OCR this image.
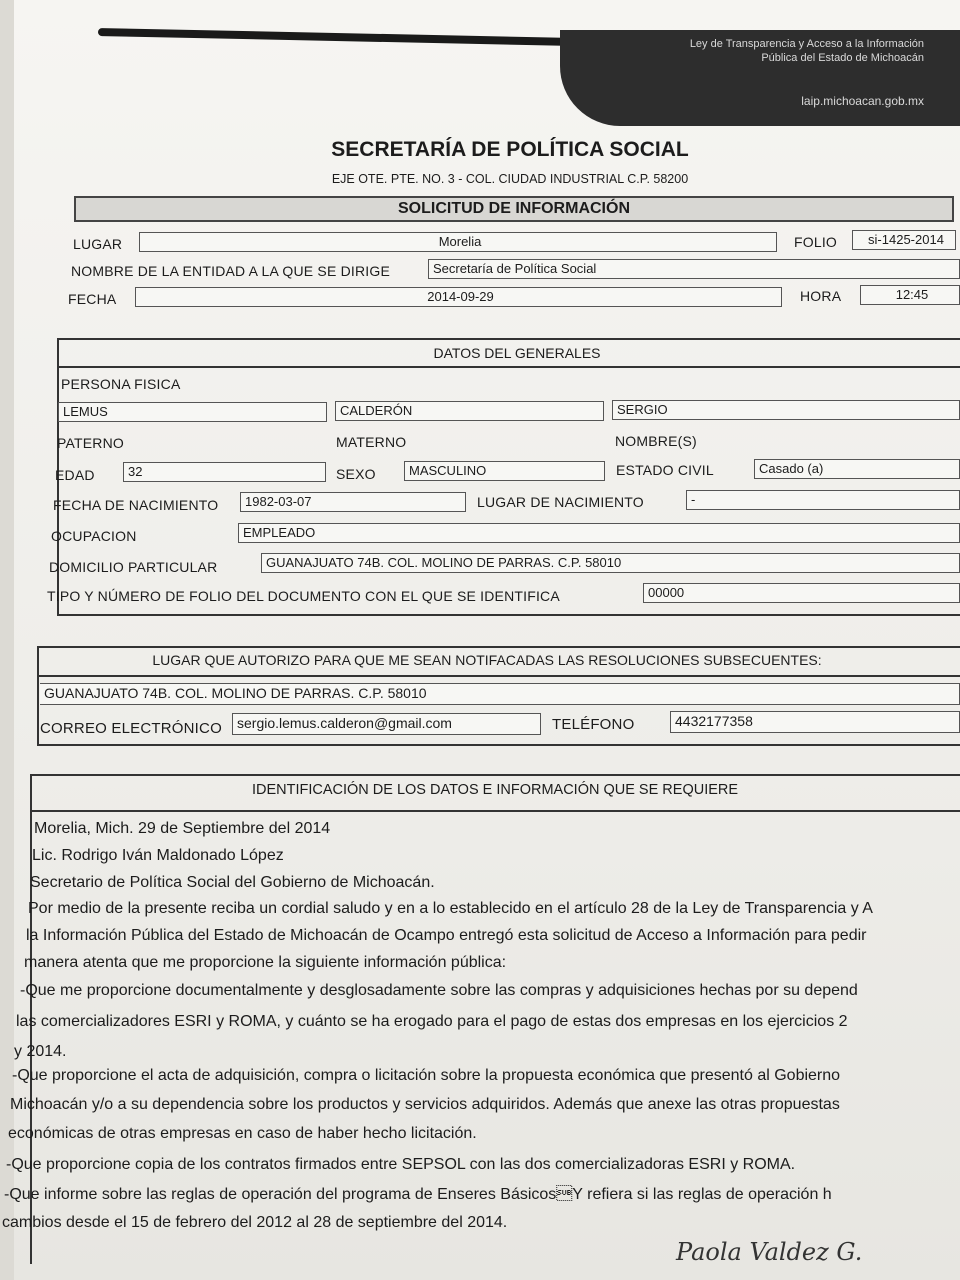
Ley de Transparencia y Acceso a la Información
Pública del Estado de Michoacán
laip.michoacan.gob.mx
SECRETARÍA DE POLÍTICA SOCIAL
EJE OTE. PTE. NO. 3 - COL. CIUDAD INDUSTRIAL C.P. 58200
SOLICITUD DE INFORMACIÓN
LUGAR	Morelia	FOLIO	si-1425-2014
NOMBRE DE LA ENTIDAD A LA QUE SE DIRIGE	Secretaría de Política Social
FECHA	2014-09-29	HORA	12:45
DATOS DEL GENERALES
PERSONA FISICA
LEMUS	CALDERÓN	SERGIO
PATERNO	MATERNO	NOMBRE(S)
EDAD	32	SEXO	MASCULINO	ESTADO CIVIL	Casado (a)
FECHA DE NACIMIENTO	1982-03-07	LUGAR DE NACIMIENTO	-
OCUPACION	EMPLEADO
DOMICILIO PARTICULAR	GUANAJUATO 74B. COL. MOLINO DE PARRAS. C.P. 58010
TIPO Y NÚMERO DE FOLIO DEL DOCUMENTO CON EL QUE SE IDENTIFICA	00000
LUGAR QUE AUTORIZO PARA QUE ME SEAN NOTIFACADAS LAS RESOLUCIONES SUBSECUENTES:
GUANAJUATO 74B. COL. MOLINO DE PARRAS. C.P. 58010
CORREO ELECTRÓNICO	sergio.lemus.calderon@gmail.com	TELÉFONO	4432177358
IDENTIFICACIÓN DE LOS DATOS E INFORMACIÓN QUE SE REQUIERE
Morelia, Mich. 29 de Septiembre del 2014
Lic. Rodrigo Iván Maldonado López
Secretario de Política Social del Gobierno de Michoacán.
Por medio de la presente reciba un cordial saludo y en a lo establecido en el artículo 28 de la Ley de Transparencia y A
la Información Pública del Estado de Michoacán de Ocampo entregó esta solicitud de Acceso a Información para pedir
manera atenta que me proporcione la siguiente información pública:
-Que me proporcione documentalmente y desglosadamente sobre las compras y adquisiciones hechas por su depend
las comercializadores ESRI y ROMA, y cuánto se ha erogado para el pago de estas dos empresas en los ejercicios 2
y 2014.
-Que proporcione el acta de adquisición, compra o licitación sobre la propuesta económica que presentó al Gobierno
Michoacán y/o a su dependencia sobre los productos y servicios adquiridos. Además que anexe las otras propuestas
económicas de otras empresas en caso de haber hecho licitación.
-Que proporcione copia de los contratos firmados entre SEPSOL con las dos comercializadoras ESRI y ROMA.
-Que informe sobre las reglas de operación del programa de Enseres BásicosY refiera si las reglas de operación h
cambios desde el 15 de febrero del 2012 al 28 de septiembre del 2014.
Paola Valdez G.
